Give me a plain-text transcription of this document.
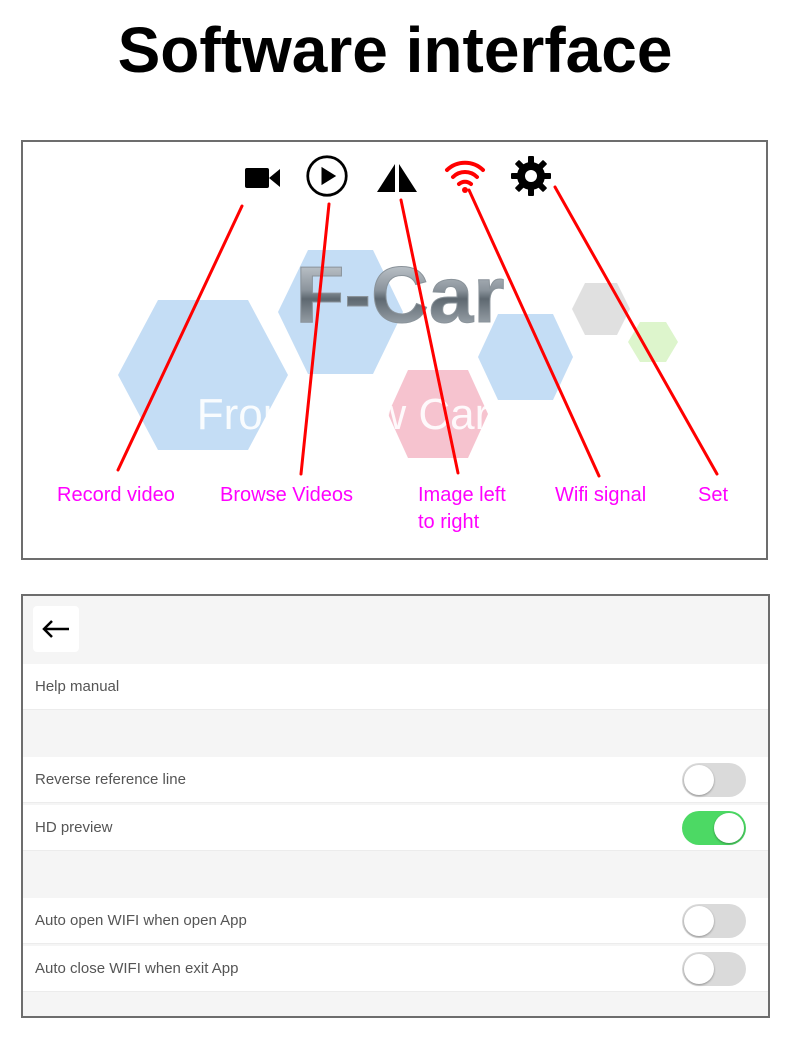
Software interface
F-Car
Front View Car
Record video Browse Videos	Image left
to right
Wifi signal	Set
Help manual
Reverse reference line
HD preview
Auto open WIFI when open App
Auto close WIFI when exit App
